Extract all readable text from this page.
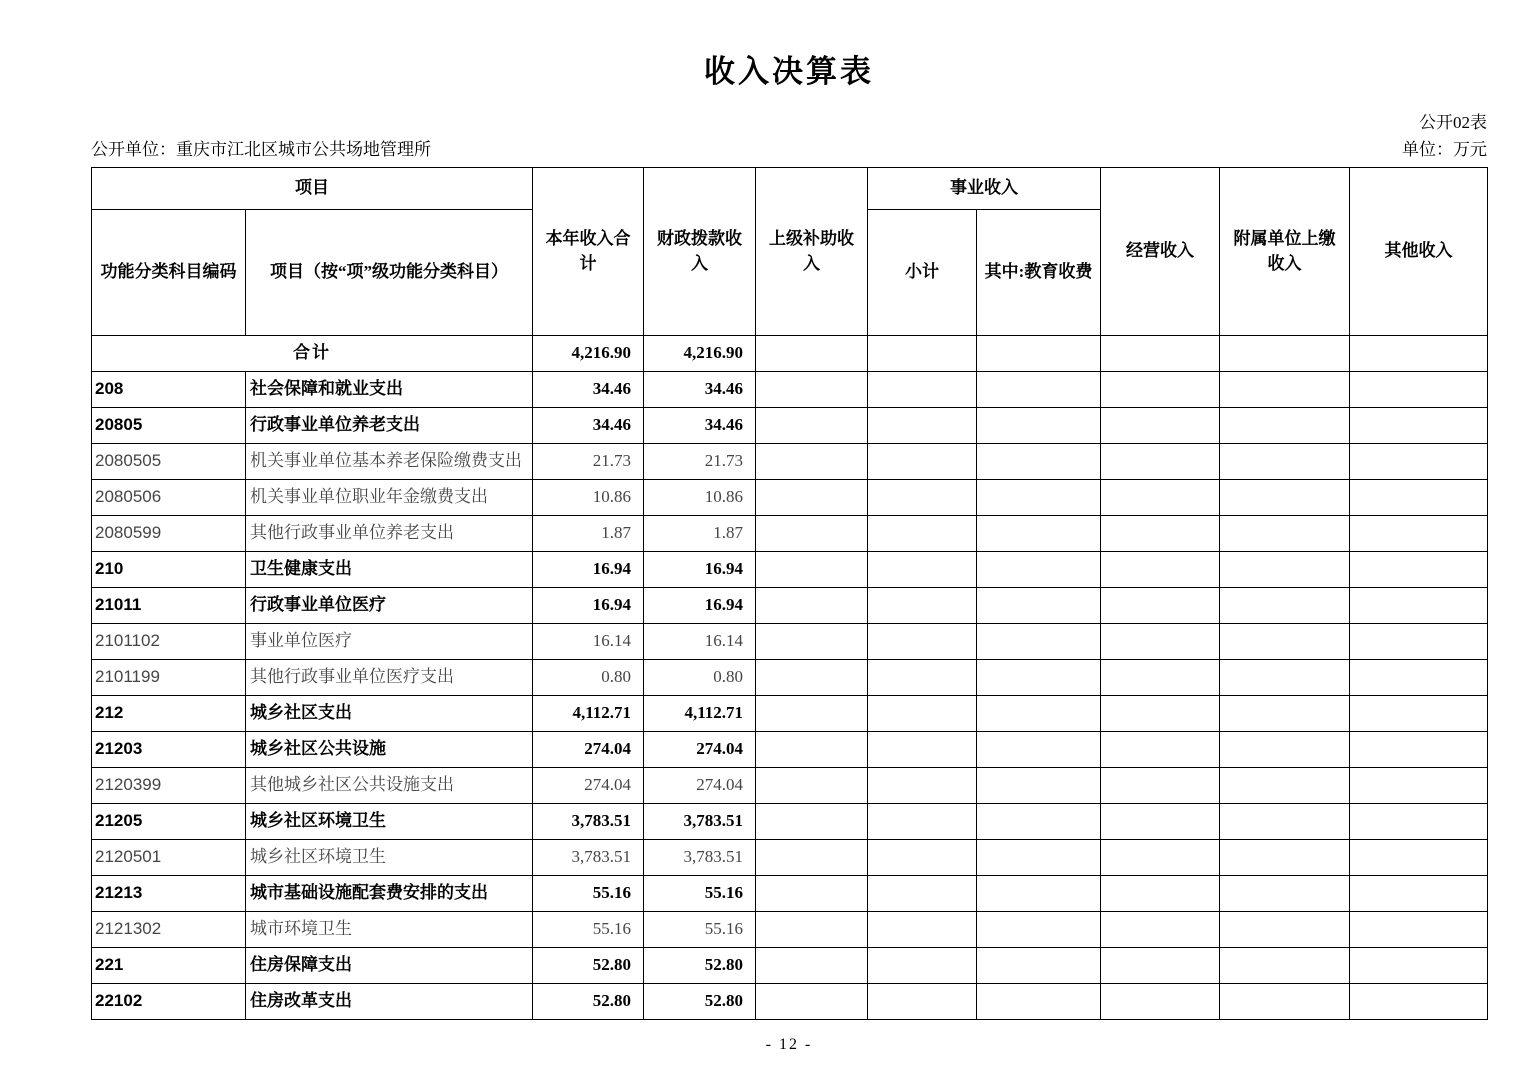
收入决算表
公开02表
公开单位：重庆市江北区城市公共场地管理所	单位：万元
项目		本年收入合计	财政拨款收入	上级补助收入	事业收入		经营收入	附属单位上缴收入	其他收入
功能分类科目编码	项目（按“项”级功能分类科目）				小计	其中:教育收费			
合计		4,216.90	4,216.90						
208	社会保障和就业支出	34.46	34.46						
20805	行政事业单位养老支出	34.46	34.46						
2080505	机关事业单位基本养老保险缴费支出	21.73	21.73						
2080506	机关事业单位职业年金缴费支出	10.86	10.86						
2080599	其他行政事业单位养老支出	1.87	1.87						
210	卫生健康支出	16.94	16.94						
21011	行政事业单位医疗	16.94	16.94						
2101102	事业单位医疗	16.14	16.14						
2101199	其他行政事业单位医疗支出	0.80	0.80						
212	城乡社区支出	4,112.71	4,112.71						
21203	城乡社区公共设施	274.04	274.04						
2120399	其他城乡社区公共设施支出	274.04	274.04						
21205	城乡社区环境卫生	3,783.51	3,783.51						
2120501	城乡社区环境卫生	3,783.51	3,783.51						
21213	城市基础设施配套费安排的支出	55.16	55.16						
2121302	城市环境卫生	55.16	55.16						
221	住房保障支出	52.80	52.80						
22102	住房改革支出	52.80	52.80						
- 12 -
